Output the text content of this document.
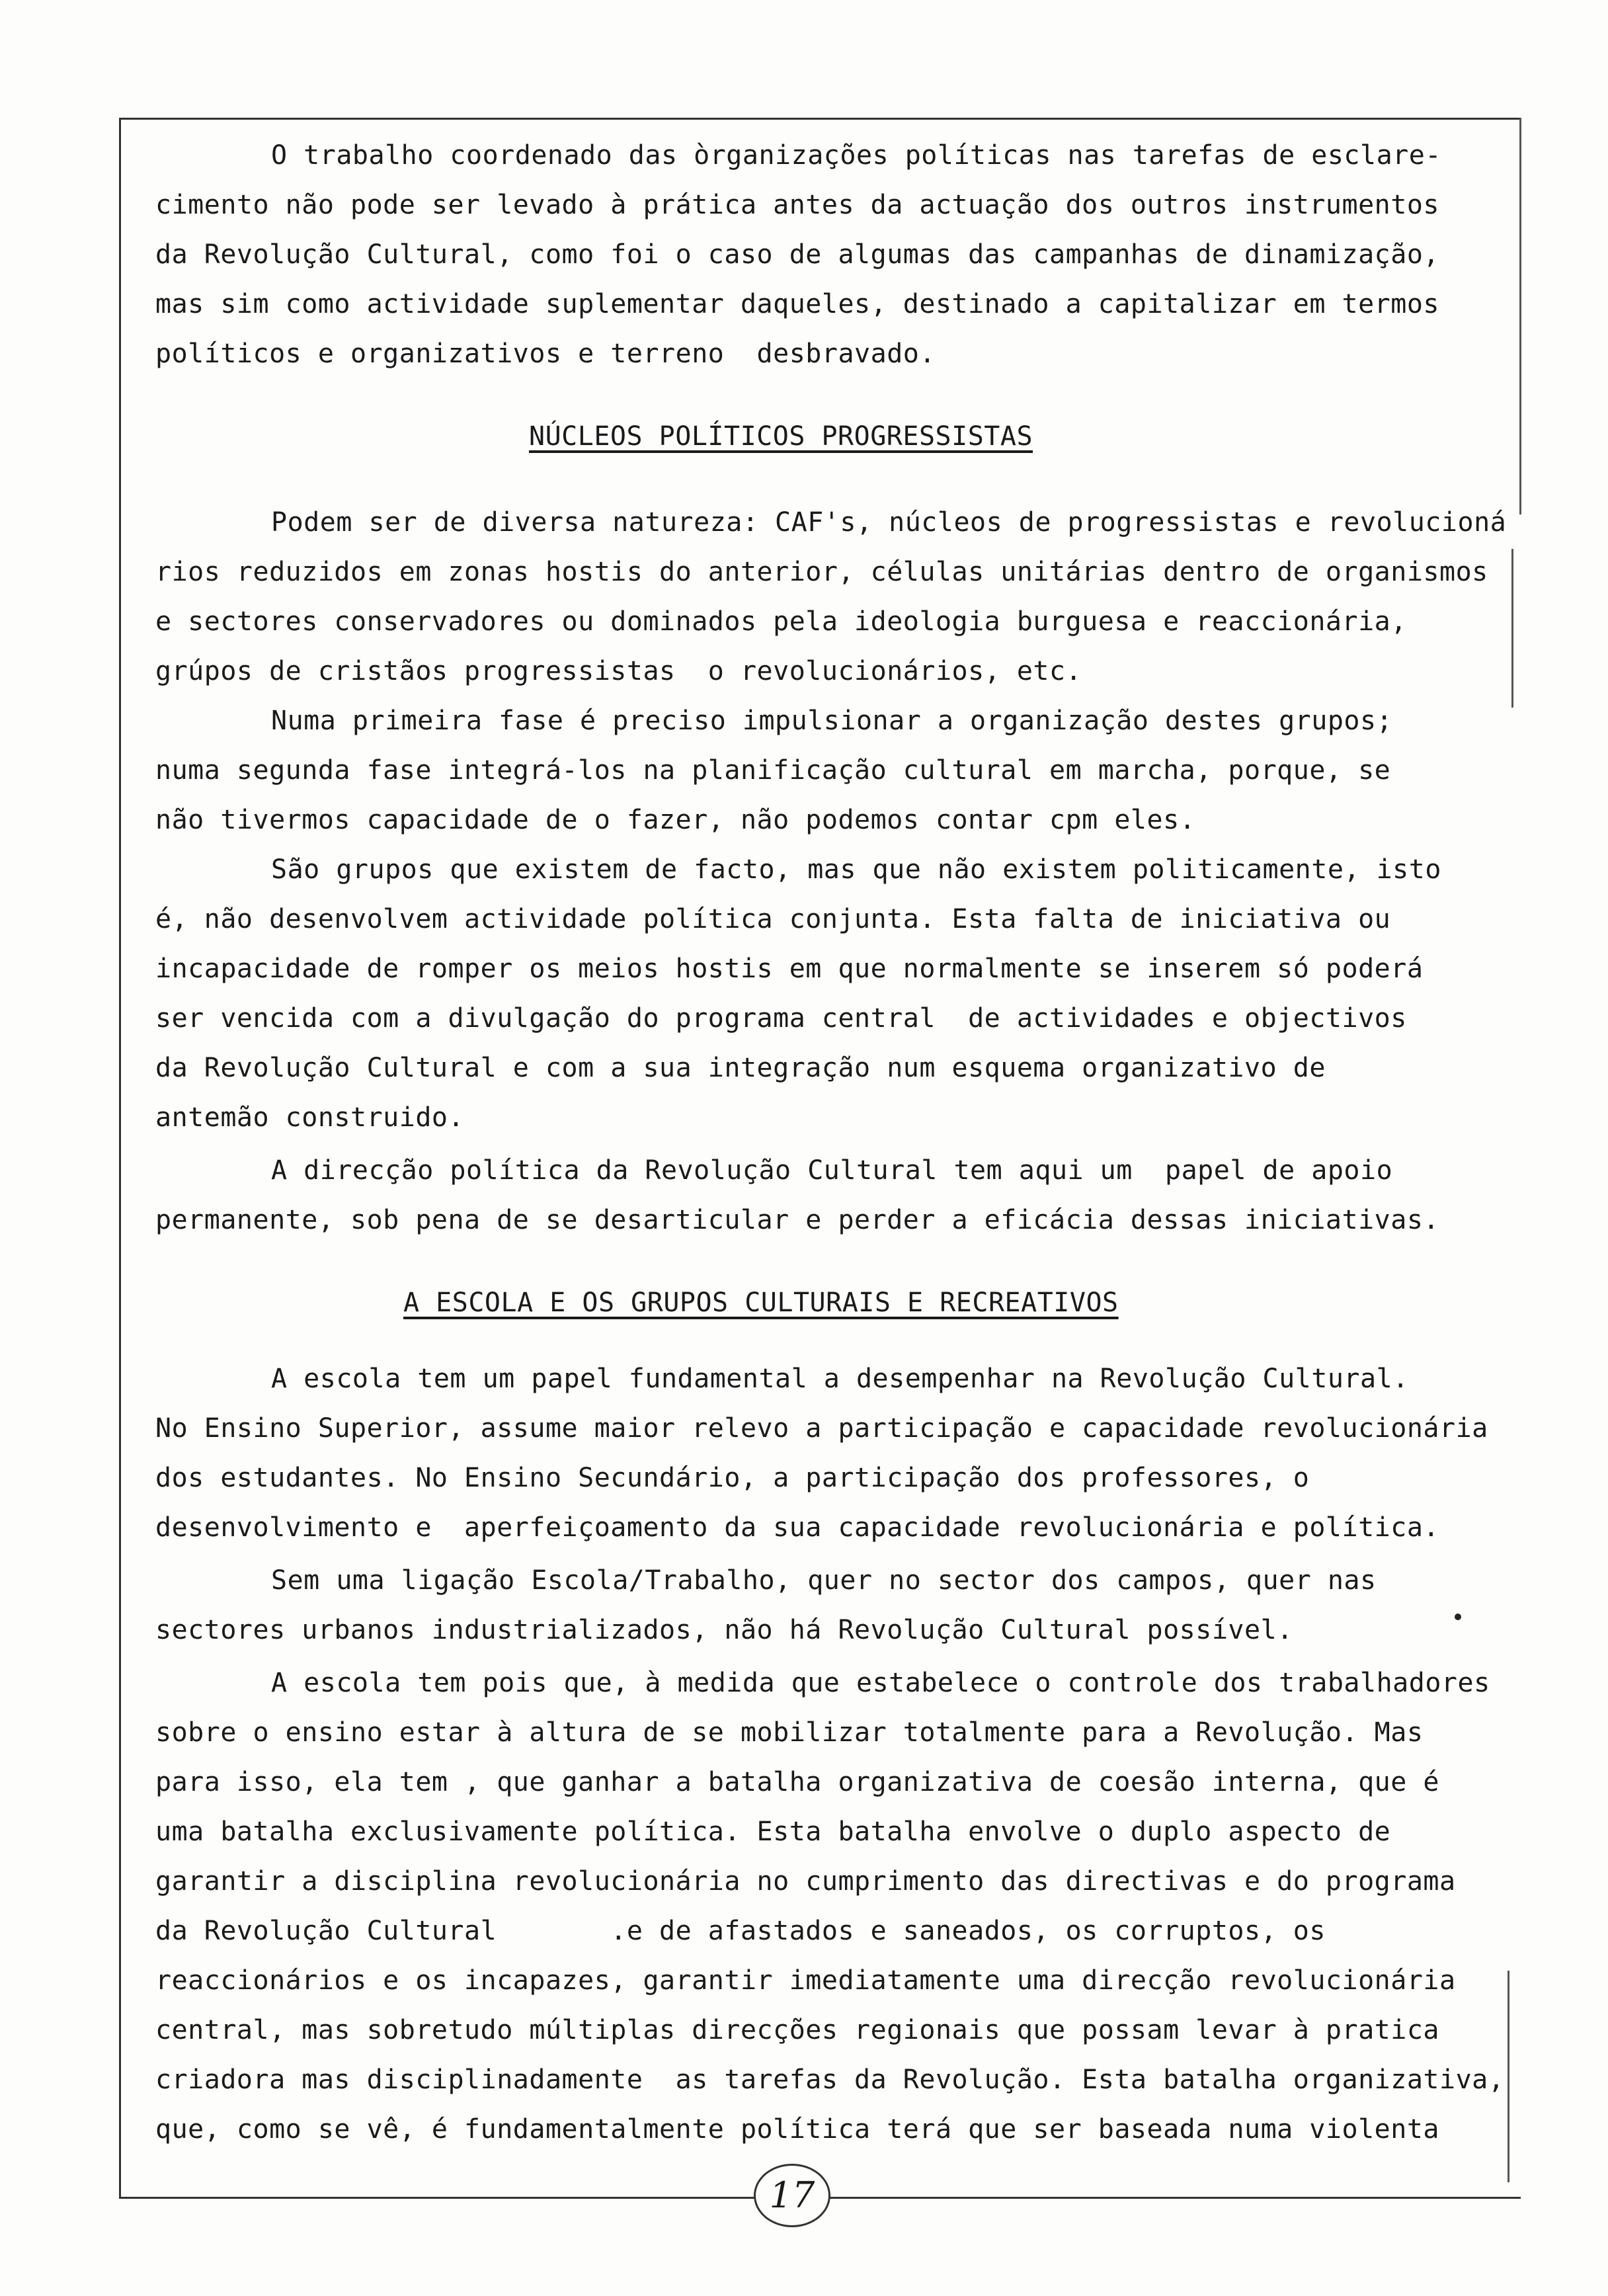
O trabalho coordenado das òrganizações políticas nas tarefas de esclare-
cimento não pode ser levado à prática antes da actuação dos outros instrumentos
da Revolução Cultural, como foi o caso de algumas das campanhas de dinamização,
mas sim como actividade suplementar daqueles, destinado a capitalizar em termos
políticos e organizativos e terreno  desbravado.
NÚCLEOS POLÍTICOS PROGRESSISTAS
Podem ser de diversa natureza: CAF's, núcleos de progressistas e revolucioná
rios reduzidos em zonas hostis do anterior, células unitárias dentro de organismos
e sectores conservadores ou dominados pela ideologia burguesa e reaccionária,
grúpos de cristãos progressistas  o revolucionários, etc.
Numa primeira fase é preciso impulsionar a organização destes grupos;
numa segunda fase integrá-los na planificação cultural em marcha, porque, se
não tivermos capacidade de o fazer, não podemos contar cpm eles.
São grupos que existem de facto, mas que não existem politicamente, isto
é, não desenvolvem actividade política conjunta. Esta falta de iniciativa ou
incapacidade de romper os meios hostis em que normalmente se inserem só poderá
ser vencida com a divulgação do programa central  de actividades e objectivos
da Revolução Cultural e com a sua integração num esquema organizativo de
antemão construido.
A direcção política da Revolução Cultural tem aqui um  papel de apoio
permanente, sob pena de se desarticular e perder a eficácia dessas iniciativas.
A ESCOLA E OS GRUPOS CULTURAIS E RECREATIVOS
A escola tem um papel fundamental a desempenhar na Revolução Cultural.
No Ensino Superior, assume maior relevo a participação e capacidade revolucionária
dos estudantes. No Ensino Secundário, a participação dos professores, o
desenvolvimento e  aperfeiçoamento da sua capacidade revolucionária e política.
Sem uma ligação Escola/Trabalho, quer no sector dos campos, quer nas
sectores urbanos industrializados, não há Revolução Cultural possível.
A escola tem pois que, à medida que estabelece o controle dos trabalhadores
sobre o ensino estar à altura de se mobilizar totalmente para a Revolução. Mas
para isso, ela tem , que ganhar a batalha organizativa de coesão interna, que é
uma batalha exclusivamente política. Esta batalha envolve o duplo aspecto de
garantir a disciplina revolucionária no cumprimento das directivas e do programa
da Revolução Cultural       .e de afastados e saneados, os corruptos, os
reaccionários e os incapazes, garantir imediatamente uma direcção revolucionária
central, mas sobretudo múltiplas direcções regionais que possam levar à pratica
criadora mas disciplinadamente  as tarefas da Revolução. Esta batalha organizativa,
que, como se vê, é fundamentalmente política terá que ser baseada numa violenta
17
